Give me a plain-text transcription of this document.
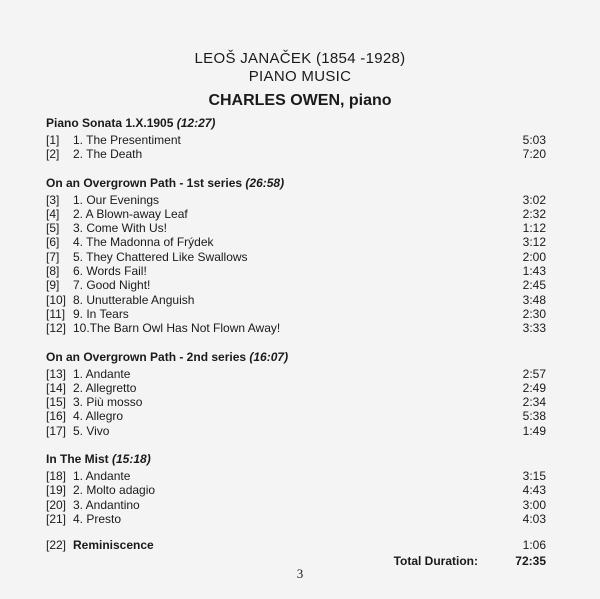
LEOŠ JANAČEK (1854 -1928)
PIANO MUSIC
CHARLES OWEN, piano
Piano Sonata 1.X.1905 (12:27)
[1]	1. The Presentiment	5:03
[2]	2. The Death	7:20
On an Overgrown Path - 1st series (26:58)
[3]	1. Our Evenings	3:02
[4]	2. A Blown-away Leaf	2:32
[5]	3. Come With Us!	1:12
[6]	4. The Madonna of Frýdek	3:12
[7]	5. They Chattered Like Swallows	2:00
[8]	6. Words Fail!	1:43
[9]	7. Good Night!	2:45
[10] 8. Unutterable Anguish	3:48
[11] 9. In Tears	2:30
[12] 10.The Barn Owl Has Not Flown Away!	3:33
On an Overgrown Path - 2nd series (16:07)
[13] 1. Andante	2:57
[14] 2. Allegretto	2:49
[15] 3. Più mosso	2:34
[16] 4. Allegro	5:38
[17] 5. Vivo	1:49
In The Mist (15:18)
[18] 1. Andante	3:15
[19] 2. Molto adagio	4:43
[20] 3. Andantino	3:00
[21] 4. Presto	4:03
[22] Reminiscence	1:06
Total Duration:	72:35
3
